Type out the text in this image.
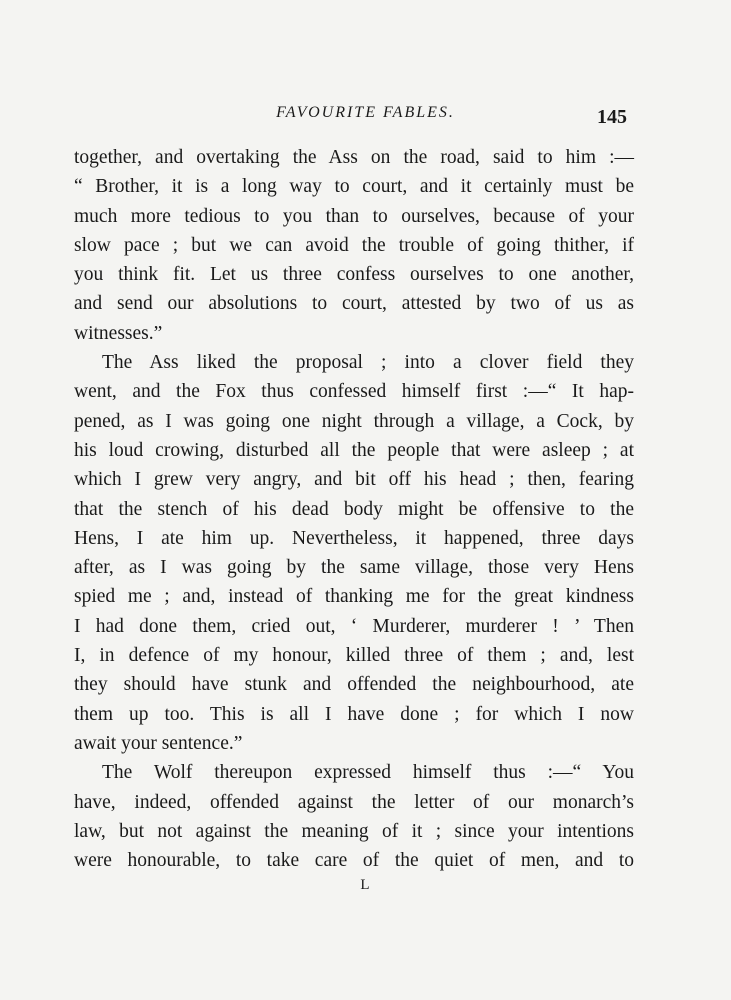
FAVOURITE FABLES.	145
together, and overtaking the Ass on the road, said to him :—
“ Brother, it is a long way to court, and it certainly must be
much more tedious to you than to ourselves, because of your
slow pace ; but we can avoid the trouble of going thither, if
you think fit. Let us three confess ourselves to one another,
and send our absolutions to court, attested by two of us as
witnesses.”
The Ass liked the proposal ; into a clover field they
went, and the Fox thus confessed himself first :—“ It hap-
pened, as I was going one night through a village, a Cock, by
his loud crowing, disturbed all the people that were asleep ; at
which I grew very angry, and bit off his head ; then, fearing
that the stench of his dead body might be offensive to the
Hens, I ate him up. Nevertheless, it happened, three days
after, as I was going by the same village, those very Hens
spied me ; and, instead of thanking me for the great kindness
I had done them, cried out, ‘ Murderer, murderer ! ’ Then
I, in defence of my honour, killed three of them ; and, lest
they should have stunk and offended the neighbourhood, ate
them up too. This is all I have done ; for which I now
await your sentence.”
The Wolf thereupon expressed himself thus :—“ You
have, indeed, offended against the letter of our monarch’s
law, but not against the meaning of it ; since your intentions
were honourable, to take care of the quiet of men, and to
L
